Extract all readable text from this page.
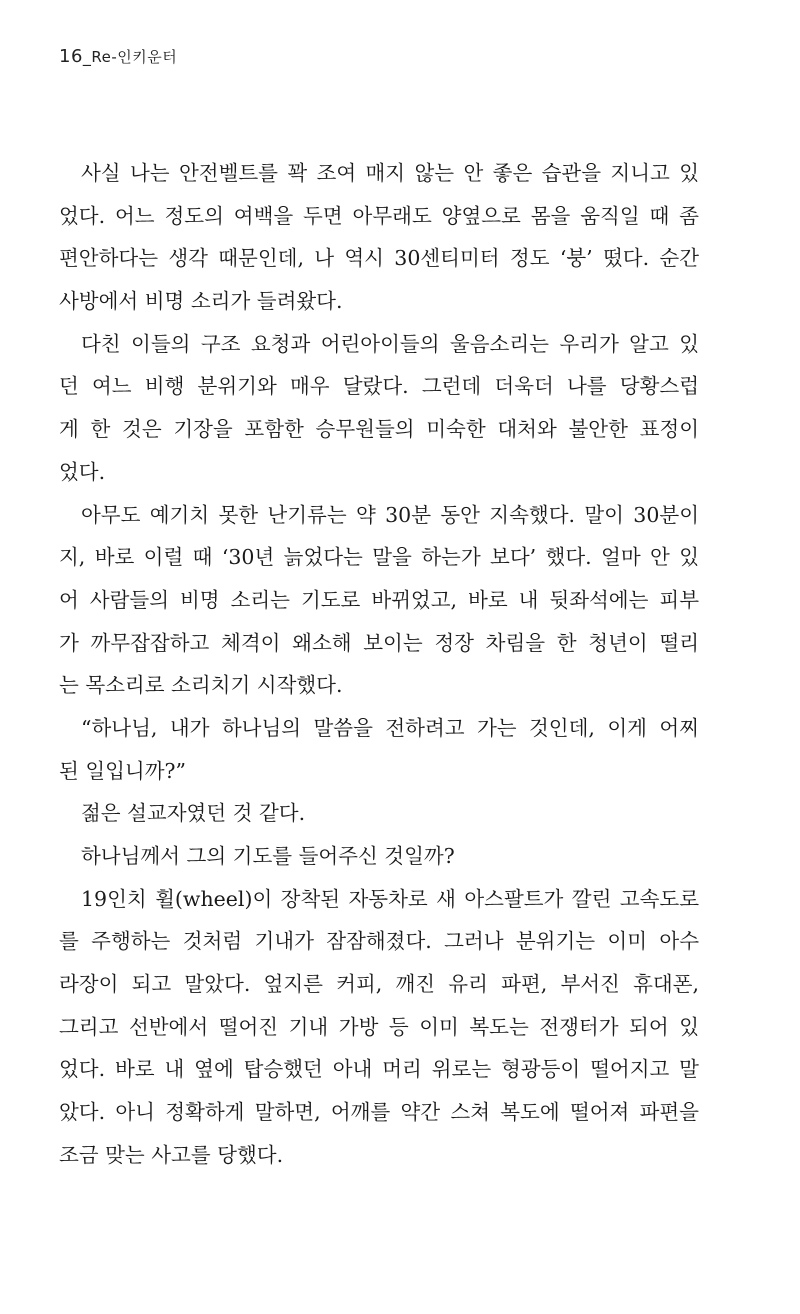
16_Re-인키운터
사실 나는 안전벨트를 꽉 조여 매지 않는 안 좋은 습관을 지니고 있
었다. 어느 정도의 여백을 두면 아무래도 양옆으로 몸을 움직일 때 좀
편안하다는 생각 때문인데, 나 역시 30센티미터 정도 ‘붕’ 떴다. 순간
사방에서 비명 소리가 들려왔다.
다친 이들의 구조 요청과 어린아이들의 울음소리는 우리가 알고 있
던 여느 비행 분위기와 매우 달랐다. 그런데 더욱더 나를 당황스럽
게 한 것은 기장을 포함한 승무원들의 미숙한 대처와 불안한 표정이
었다.
아무도 예기치 못한 난기류는 약 30분 동안 지속했다. 말이 30분이
지, 바로 이럴 때 ‘30년 늙었다는 말을 하는가 보다’ 했다. 얼마 안 있
어 사람들의 비명 소리는 기도로 바뀌었고, 바로 내 뒷좌석에는 피부
가 까무잡잡하고 체격이 왜소해 보이는 정장 차림을 한 청년이 떨리
는 목소리로 소리치기 시작했다.
“하나님, 내가 하나님의 말씀을 전하려고 가는 것인데, 이게 어찌
된 일입니까?”
젊은 설교자였던 것 같다.
하나님께서 그의 기도를 들어주신 것일까?
19인치 휠(wheel)이 장착된 자동차로 새 아스팔트가 깔린 고속도로
를 주행하는 것처럼 기내가 잠잠해졌다. 그러나 분위기는 이미 아수
라장이 되고 말았다. 엎지른 커피, 깨진 유리 파편, 부서진 휴대폰,
그리고 선반에서 떨어진 기내 가방 등 이미 복도는 전쟁터가 되어 있
었다. 바로 내 옆에 탑승했던 아내 머리 위로는 형광등이 떨어지고 말
았다. 아니 정확하게 말하면, 어깨를 약간 스쳐 복도에 떨어져 파편을
조금 맞는 사고를 당했다.
